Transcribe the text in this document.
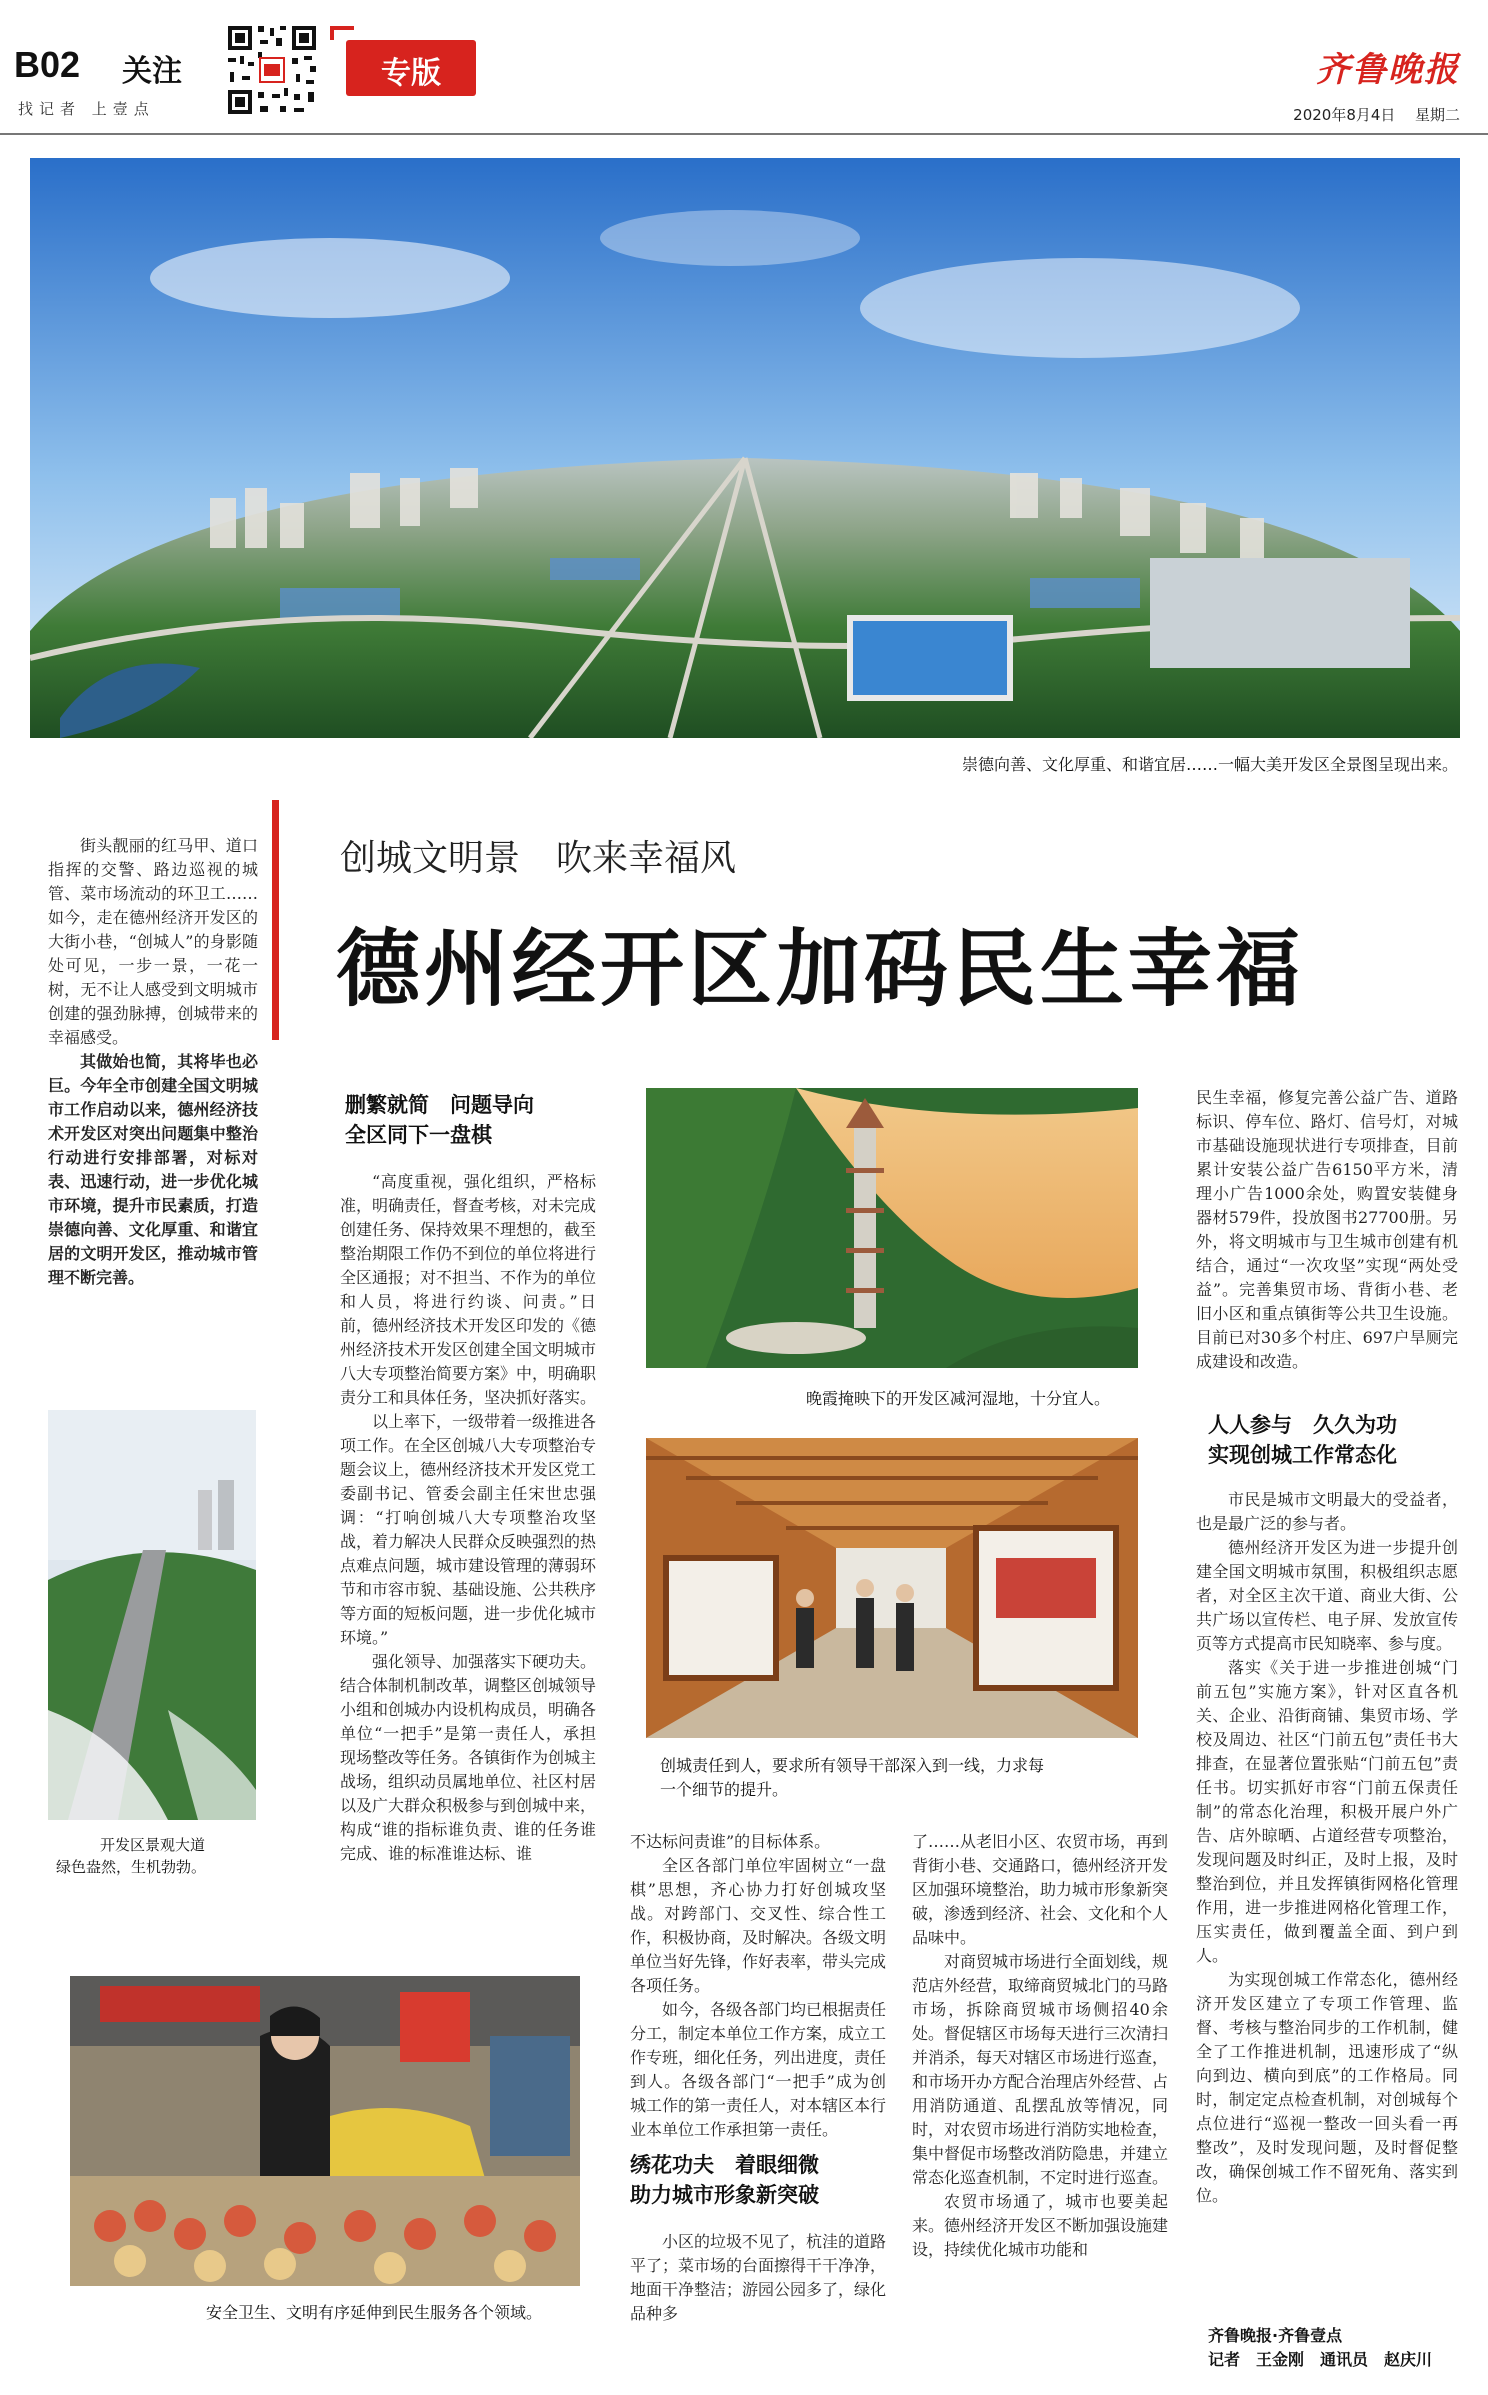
B02 关注
找记者 上壹点
专版	齐鲁晚报
2020年8月4日 星期二
崇德向善、文化厚重、和谐宜居……一幅大美开发区全景图呈现出来。
创城文明景　吹来幸福风
德州经开区加码民生幸福

街头靓丽的红马甲、道口指挥的交警、路边巡视的城管、菜市场流动的环卫工……如今，走在德州经济开发区的大街小巷，“创城人”的身影随处可见，一步一景，一花一树，无不让人感受到文明城市创建的强劲脉搏，创城带来的幸福感受。

其做始也简，其将毕也必巨。今年全市创建全国文明城市工作启动以来，德州经济技术开发区对突出问题集中整治行动进行安排部署，对标对表、迅速行动，进一步优化城市环境，提升市民素质，打造崇德向善、文化厚重、和谐宜居的文明开发区，推动城市管理不断完善。

开发区景观大道
绿色盎然，生机勃勃。
删繁就简　问题导向
全区同下一盘棋

“高度重视，强化组织，严格标准，明确责任，督查考核，对未完成创建任务、保持效果不理想的，截至整治期限工作仍不到位的单位将进行全区通报；对不担当、不作为的单位和人员，将进行约谈、问责。”日前，德州经济技术开发区印发的《德州经济技术开发区创建全国文明城市八大专项整治简要方案》中，明确职责分工和具体任务，坚决抓好落实。

以上率下，一级带着一级推进各项工作。在全区创城八大专项整治专题会议上，德州经济技术开发区党工委副书记、管委会副主任宋世忠强调：“打响创城八大专项整治攻坚战，着力解决人民群众反映强烈的热点难点问题，城市建设管理的薄弱环节和市容市貌、基础设施、公共秩序等方面的短板问题，进一步优化城市环境。”

强化领导、加强落实下硬功夫。结合体制机制改革，调整区创城领导小组和创城办内设机构成员，明确各单位“一把手”是第一责任人，承担现场整改等任务。各镇街作为创城主战场，组织动员属地单位、社区村居以及广大群众积极参与到创城中来，构成“谁的指标谁负责、谁的任务谁完成、谁的标准谁达标、谁

晚霞掩映下的开发区减河湿地，十分宜人。
创城责任到人，要求所有领导干部深入到一线，力求每
一个细节的提升。

不达标问责谁”的目标体系。

全区各部门单位牢固树立“一盘棋”思想，齐心协力打好创城攻坚战。对跨部门、交叉性、综合性工作，积极协商，及时解决。各级文明单位当好先锋，作好表率，带头完成各项任务。

如今，各级各部门均已根据责任分工，制定本单位工作方案，成立工作专班，细化任务，列出进度，责任到人。各级各部门“一把手”成为创城工作的第一责任人，对本辖区本行业本单位工作承担第一责任。

绣花功夫　着眼细微
助力城市形象新突破

小区的垃圾不见了，杭洼的道路平了；菜市场的台面擦得干干净净，地面干净整洁；游园公园多了，绿化品种多

了……从老旧小区、农贸市场，再到背街小巷、交通路口，德州经济开发区加强环境整治，助力城市形象新突破，渗透到经济、社会、文化和个人品味中。

对商贸城市场进行全面划线，规范店外经营，取缔商贸城北门的马路市场，拆除商贸城市场侧招40余处。督促辖区市场每天进行三次清扫并消杀，每天对辖区市场进行巡查，和市场开办方配合治理店外经营、占用消防通道、乱摆乱放等情况，同时，对农贸市场进行消防实地检查，集中督促市场整改消防隐患，并建立常态化巡查机制，不定时进行巡查。

农贸市场通了，城市也要美起来。德州经济开发区不断加强设施建设，持续优化城市功能和

民生幸福，修复完善公益广告、道路标识、停车位、路灯、信号灯，对城市基础设施现状进行专项排查，目前累计安装公益广告6150平方米，清理小广告1000余处，购置安装健身器材579件，投放图书27700册。另外，将文明城市与卫生城市创建有机结合，通过“一次攻坚”实现“两处受益”。完善集贸市场、背街小巷、老旧小区和重点镇街等公共卫生设施。目前已对30多个村庄、697户旱厕完成建设和改造。

人人参与　久久为功
实现创城工作常态化

市民是城市文明最大的受益者，也是最广泛的参与者。

德州经济开发区为进一步提升创建全国文明城市氛围，积极组织志愿者，对全区主次干道、商业大街、公共广场以宣传栏、电子屏、发放宣传页等方式提高市民知晓率、参与度。

落实《关于进一步推进创城“门前五包”实施方案》，针对区直各机关、企业、沿街商铺、集贸市场、学校及周边、社区“门前五包”责任书大排查，在显著位置张贴“门前五包”责任书。切实抓好市容“门前五保责任制”的常态化治理，积极开展户外广告、店外晾晒、占道经营专项整治，发现问题及时纠正，及时上报，及时整治到位，并且发挥镇街网格化管理作用，进一步推进网格化管理工作，压实责任，做到覆盖全面、到户到人。

为实现创城工作常态化，德州经济开发区建立了专项工作管理、监督、考核与整治同步的工作机制，健全了工作推进机制，迅速形成了“纵向到边、横向到底”的工作格局。同时，制定定点检查机制，对创城每个点位进行“巡视一整改一回头看一再整改”，及时发现问题，及时督促整改，确保创城工作不留死角、落实到位。

齐鲁晚报·齐鲁壹点
记者　王金刚　通讯员　赵庆川
安全卫生、文明有序延伸到民生服务各个领域。
